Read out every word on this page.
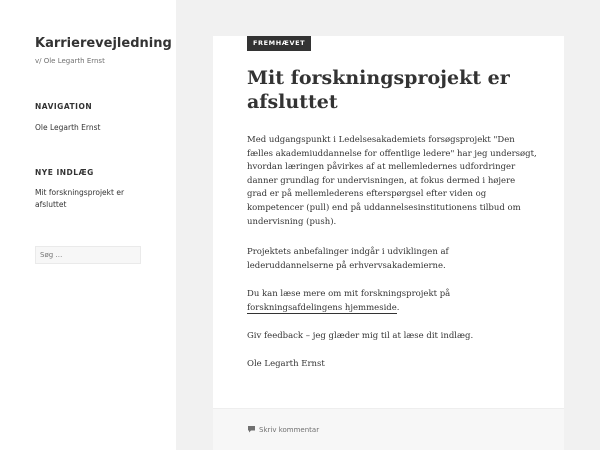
Karrierevejledning
v/ Ole Legarth Ernst
NAVIGATION
Ole Legarth Ernst
NYE INDLÆG
Mit forskningsprojekt er afsluttet
Søg …
FREMHÆVET
Mit forskningsprojekt er afsluttet

Med udgangspunkt i Ledelsesakademiets forsøgsprojekt "Den fælles akademiuddannelse for offentlige ledere" har jeg undersøgt, hvordan læringen påvirkes af at mellemledernes udfordringer danner grundlag for undervisningen, at fokus dermed i højere grad er på mellemlederens efterspørgsel efter viden og kompetencer (pull) end på uddannelsesinstitutionens tilbud om undervisning (push).

Projektets anbefalinger indgår i udviklingen af lederuddannelserne på erhvervsakademierne.

Du kan læse mere om mit forskningsprojekt på forskningsafdelingens hjemmeside.

Giv feedback – jeg glæder mig til at læse dit indlæg.

Ole Legarth Ernst

Skriv kommentar
